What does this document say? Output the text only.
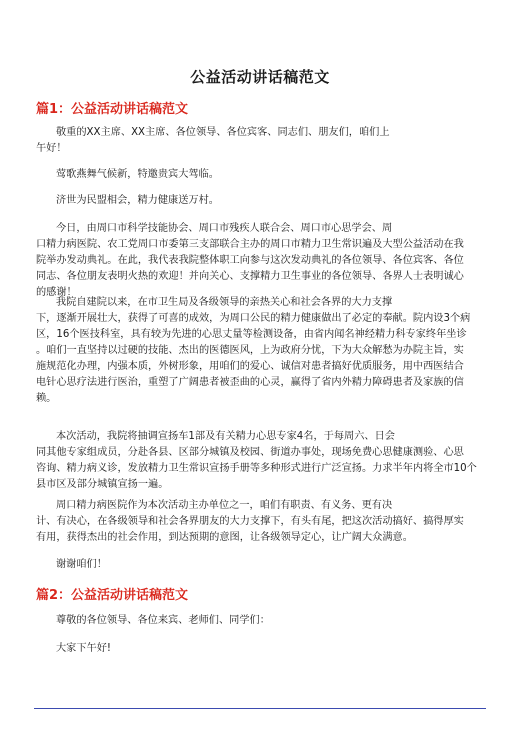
公益活动讲话稿范文
篇1：公益活动讲话稿范文
敬重的XX主席、XX主席、各位领导、各位宾客、同志们、朋友们，咱们上
午好！
莺歌燕舞气候新，特邀贵宾大驾临。
济世为民盟相会，精力健康送万村。
今日，由周口市科学技能协会、周口市残疾人联合会、周口市心思学会、周
口精力病医院、农工党周口市委第三支部联合主办的周口市精力卫生常识遍及大型公益活动在我
院举办发动典礼。在此，我代表我院整体职工向参与这次发动典礼的各位领导、各位宾客、各位
同志、各位朋友表明火热的欢迎！并向关心、支撑精力卫生事业的各位领导、各界人士表明诚心
的感谢！
我院自建院以来，在市卫生局及各级领导的亲热关心和社会各界的大力支撑
下，逐渐开展壮大，获得了可喜的成效，为周口公民的精力健康做出了必定的奉献。院内设3个病
区，16个医技科室，具有较为先进的心思丈量等检测设备，由省内闻名神经精力科专家终年坐诊
。咱们一直坚持以过硬的技能、杰出的医德医风，上为政府分忧，下为大众解愁为办院主旨，实
施规范化办理，内强本质，外树形象，用咱们的爱心、诚信对患者搞好优质服务，用中西医结合
电针心思疗法进行医治，重塑了广阔患者被歪曲的心灵，赢得了省内外精力障碍患者及家族的信
赖。
本次活动，我院将抽调宣扬车1部及有关精力心思专家4名，于每周六、日会
同其他专家组成员，分赴各县、区部分城镇及校园、街道办事处，现场免费心思健康测验、心思
咨询、精力病义诊，发放精力卫生常识宣扬手册等多种形式进行广泛宣扬。力求半年内将全市10个
县市区及部分城镇宣扬一遍。
周口精力病医院作为本次活动主办单位之一，咱们有职责、有义务、更有决
计、有决心，在各级领导和社会各界朋友的大力支撑下，有头有尾，把这次活动搞好、搞得厚实
有用，获得杰出的社会作用，到达预期的意图，让各级领导定心，让广阔大众满意。
谢谢咱们！
篇2：公益活动讲话稿范文
尊敬的各位领导、各位来宾、老师们、同学们：
大家下午好!
